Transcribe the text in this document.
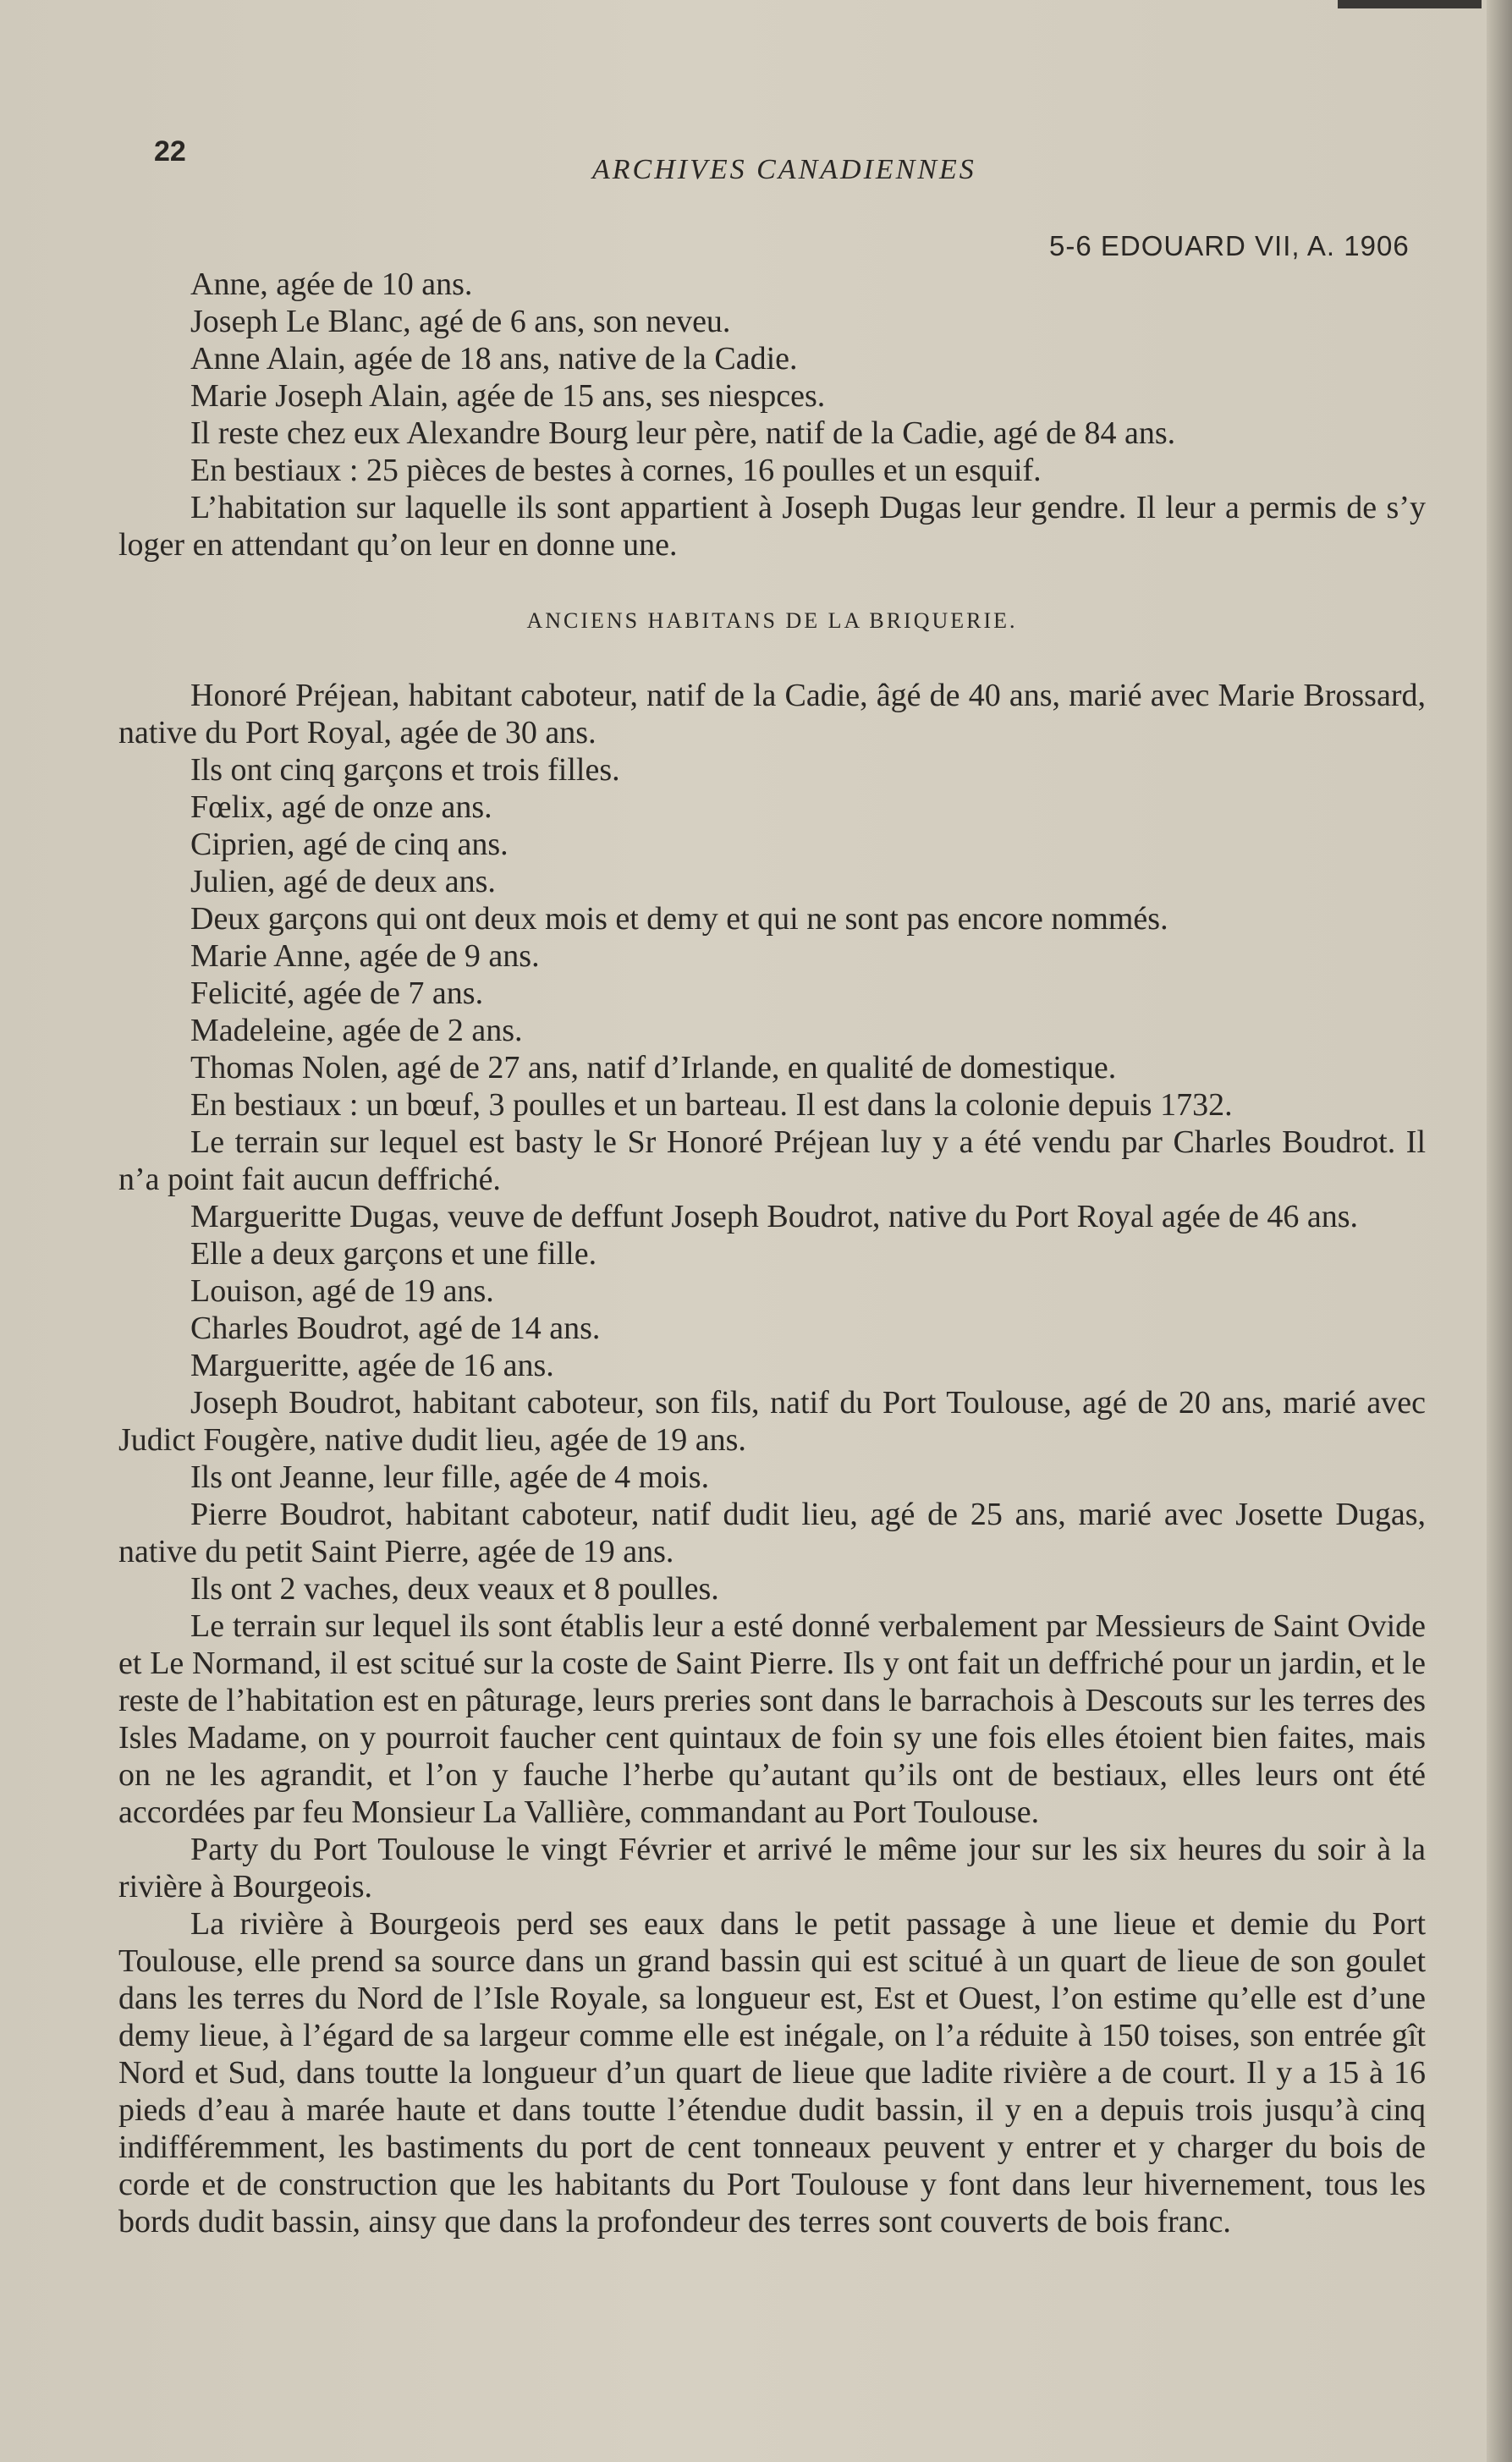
22
ARCHIVES CANADIENNES
5-6 EDOUARD VII, A. 1906

Anne, agée de 10 ans.

Joseph Le Blanc, agé de 6 ans, son neveu.

Anne Alain, agée de 18 ans, native de la Cadie.

Marie Joseph Alain, agée de 15 ans, ses niespces.

Il reste chez eux Alexandre Bourg leur père, natif de la Cadie, agé de 84 ans.

En bestiaux : 25 pièces de bestes à cornes, 16 poulles et un esquif.

L’habitation sur laquelle ils sont appartient à Joseph Dugas leur gendre. Il leur a permis de s’y loger en attendant qu’on leur en donne une.

ANCIENS HABITANS DE LA BRIQUERIE.

Honoré Préjean, habitant caboteur, natif de la Cadie, âgé de 40 ans, marié avec Marie Brossard, native du Port Royal, agée de 30 ans.

Ils ont cinq garçons et trois filles.

Fœlix, agé de onze ans.

Ciprien, agé de cinq ans.

Julien, agé de deux ans.

Deux garçons qui ont deux mois et demy et qui ne sont pas encore nommés.

Marie Anne, agée de 9 ans.

Felicité, agée de 7 ans.

Madeleine, agée de 2 ans.

Thomas Nolen, agé de 27 ans, natif d’Irlande, en qualité de domestique.

En bestiaux : un bœuf, 3 poulles et un barteau. Il est dans la colonie depuis 1732.

Le terrain sur lequel est basty le Sr Honoré Préjean luy y a été vendu par Charles Boudrot. Il n’a point fait aucun deffriché.

Margueritte Dugas, veuve de deffunt Joseph Boudrot, native du Port Royal agée de 46 ans.

Elle a deux garçons et une fille.

Louison, agé de 19 ans.

Charles Boudrot, agé de 14 ans.

Margueritte, agée de 16 ans.

Joseph Boudrot, habitant caboteur, son fils, natif du Port Toulouse, agé de 20 ans, marié avec Judict Fougère, native dudit lieu, agée de 19 ans.

Ils ont Jeanne, leur fille, agée de 4 mois.

Pierre Boudrot, habitant caboteur, natif dudit lieu, agé de 25 ans, marié avec Josette Dugas, native du petit Saint Pierre, agée de 19 ans.

Ils ont 2 vaches, deux veaux et 8 poulles.

Le terrain sur lequel ils sont établis leur a esté donné verbalement par Messieurs de Saint Ovide et Le Normand, il est scitué sur la coste de Saint Pierre. Ils y ont fait un deffriché pour un jardin, et le reste de l’habitation est en pâturage, leurs preries sont dans le barrachois à Descouts sur les terres des Isles Madame, on y pourroit faucher cent quintaux de foin sy une fois elles étoient bien faites, mais on ne les agrandit, et l’on y fauche l’herbe qu’autant qu’ils ont de bestiaux, elles leurs ont été accordées par feu Monsieur La Vallière, commandant au Port Toulouse.

Party du Port Toulouse le vingt Février et arrivé le même jour sur les six heures du soir à la rivière à Bourgeois.

La rivière à Bourgeois perd ses eaux dans le petit passage à une lieue et demie du Port Toulouse, elle prend sa source dans un grand bassin qui est scitué à un quart de lieue de son goulet dans les terres du Nord de l’Isle Royale, sa longueur est, Est et Ouest, l’on estime qu’elle est d’une demy lieue, à l’égard de sa largeur comme elle est inégale, on l’a réduite à 150 toises, son entrée gît Nord et Sud, dans toutte la longueur d’un quart de lieue que ladite rivière a de court. Il y a 15 à 16 pieds d’eau à marée haute et dans toutte l’étendue dudit bassin, il y en a depuis trois jusqu’à cinq indifféremment, les bastiments du port de cent tonneaux peuvent y entrer et y charger du bois de corde et de construction que les habitants du Port Toulouse y font dans leur hivernement, tous les bords dudit bassin, ainsy que dans la profondeur des terres sont couverts de bois franc.
